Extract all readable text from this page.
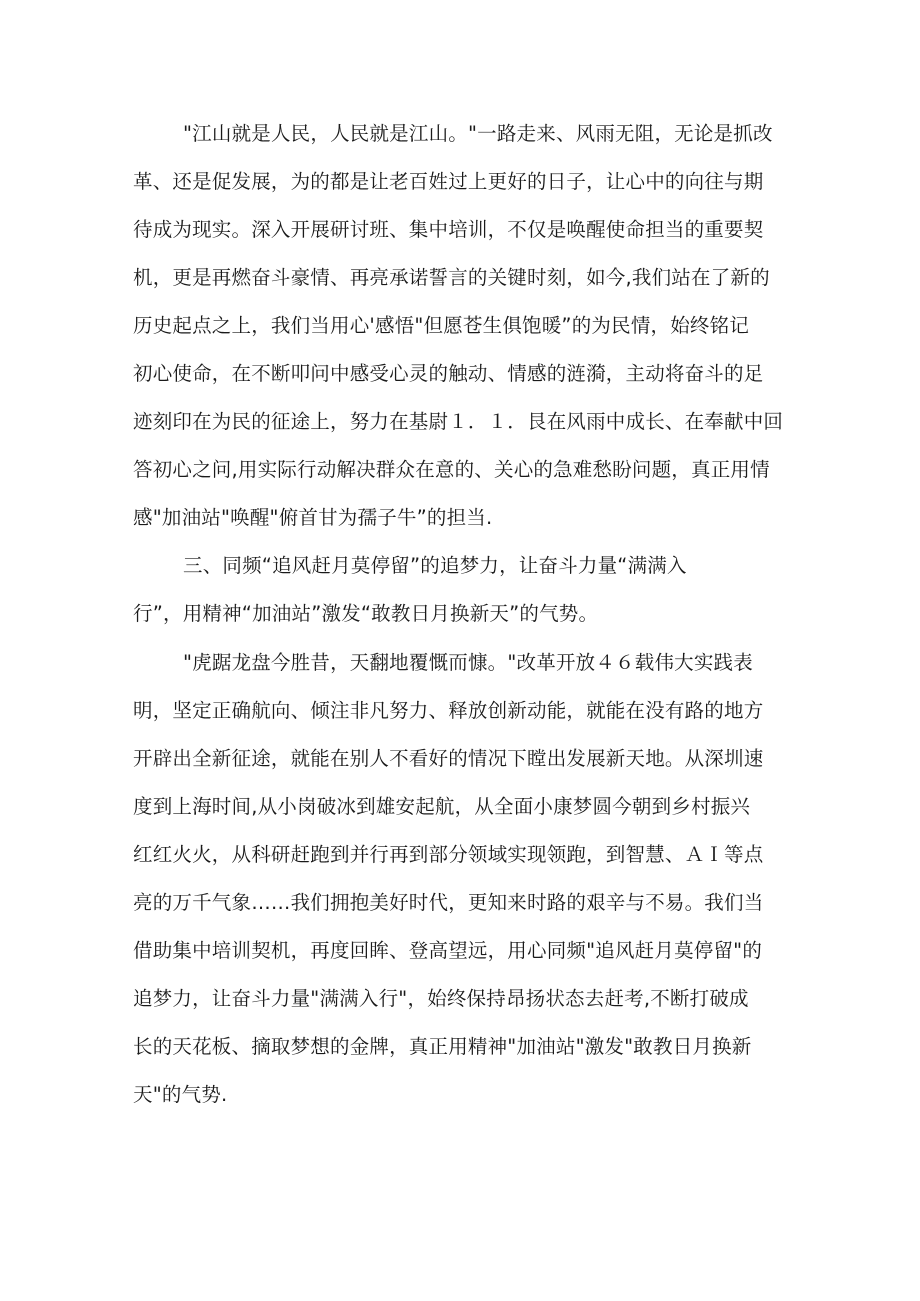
"江山就是人民，人民就是江山。"一路走来、风雨无阻，无论是抓改
革、还是促发展，为的都是让老百姓过上更好的日子，让心中的向往与期
待成为现实。深入开展研讨班、集中培训，不仅是唤醒使命担当的重要契
机，更是再燃奋斗豪情、再亮承诺誓言的关键时刻，如今,我们站在了新的
历史起点之上，我们当用心'感悟"但愿苍生俱饱暖”的为民情，始终铭记
初心使命，在不断叩问中感受心灵的触动、情感的涟漪，主动将奋斗的足
迹刻印在为民的征途上，努力在基尉１．１．艮在风雨中成长、在奉献中回
答初心之问,用实际行动解决群众在意的、关心的急难愁盼问题，真正用情
感"加油站"唤醒"俯首甘为孺子牛”的担当.
三、同频“追风赶月莫停留”的追梦力，让奋斗力量“满满入
行”，用精神“加油站”激发“敢教日月换新天”的气势。
"虎踞龙盘今胜昔，天翻地覆慨而慷。"改革开放４６载伟大实践表
明，坚定正确航向、倾注非凡努力、释放创新动能，就能在没有路的地方
开辟出全新征途，就能在别人不看好的情况下瞠出发展新天地。从深圳速
度到上海时间,从小岗破冰到雄安起航，从全面小康梦圆今朝到乡村振兴
红红火火，从科研赶跑到并行再到部分领域实现领跑，到智慧、ＡＩ等点
亮的万千气象……我们拥抱美好时代，更知来时路的艰辛与不易。我们当
借助集中培训契机，再度回眸、登高望远，用心同频"追风赶月莫停留"的
追梦力，让奋斗力量"满满入行"，始终保持昂扬状态去赶考,不断打破成
长的天花板、摘取梦想的金牌，真正用精神"加油站"激发"敢教日月换新
天"的气势.
